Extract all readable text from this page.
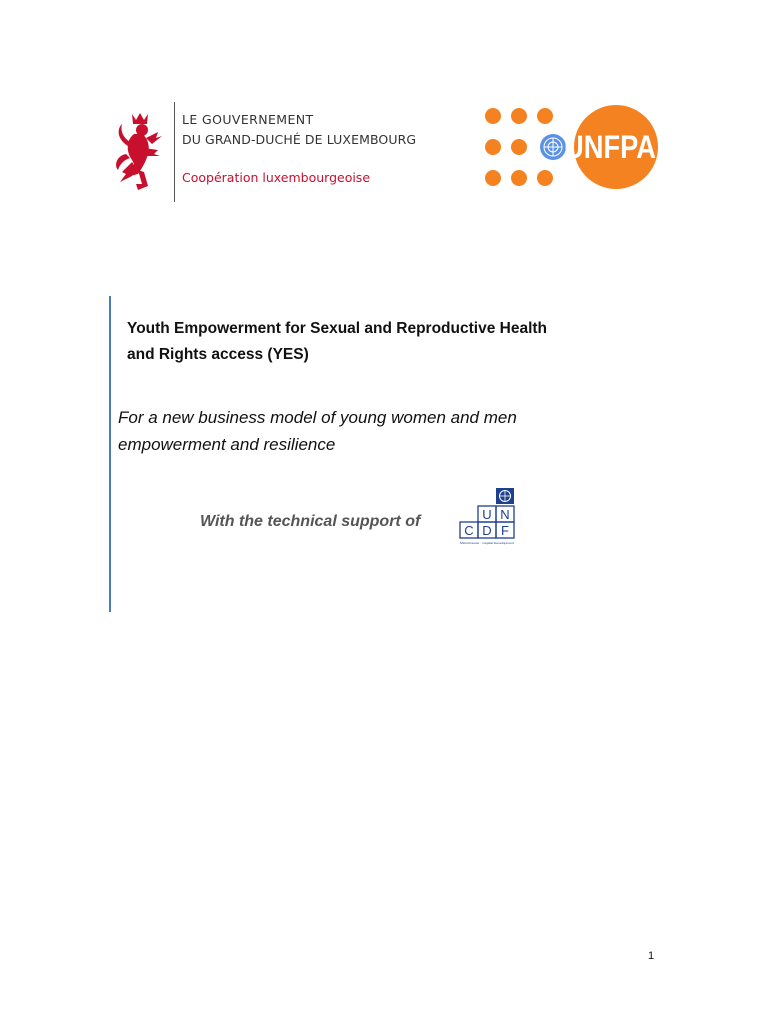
LE GOUVERNEMENT
DU GRAND-DUCHÉ DE LUXEMBOURG
Coopération luxembourgeoise
UNFPA
Youth Empowerment for Sexual and Reproductive Health and Rights access (YES)
For a new business model of young women and men empowerment and resilience
With the technical support of	U N
C D F
Microfinance · Capital Development
1
